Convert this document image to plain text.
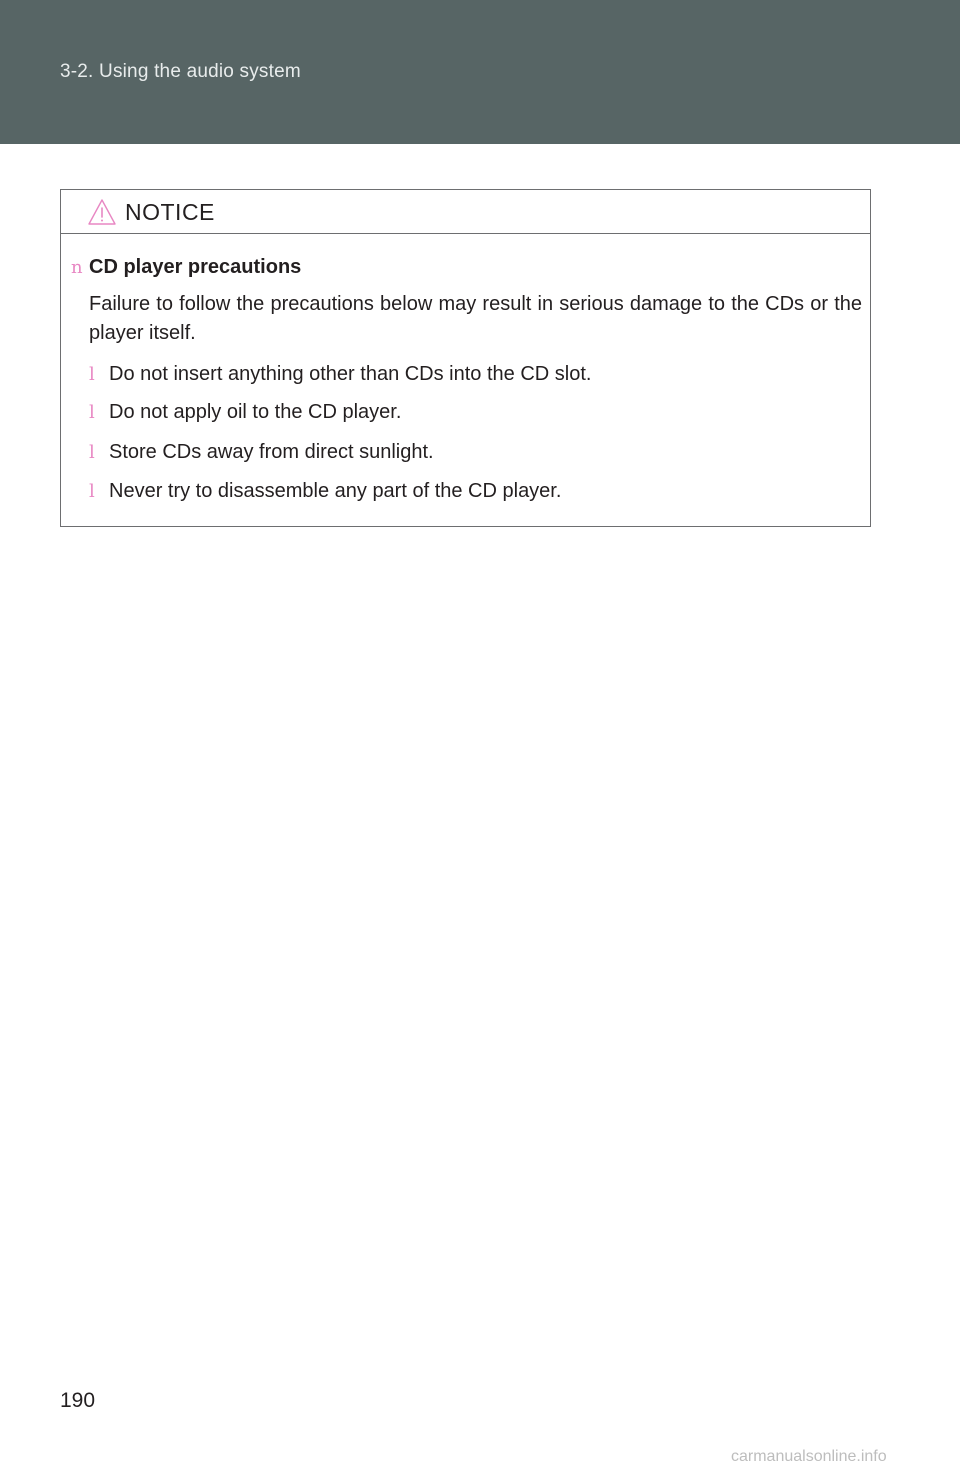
3-2. Using the audio system
NOTICE
n CD player precautions
Failure to follow the precautions below may result in serious damage to the CDs or the player itself.
l Do not insert anything other than CDs into the CD slot.
l Do not apply oil to the CD player.
l Store CDs away from direct sunlight.
l Never try to disassemble any part of the CD player.
190
carmanualsonline.info
